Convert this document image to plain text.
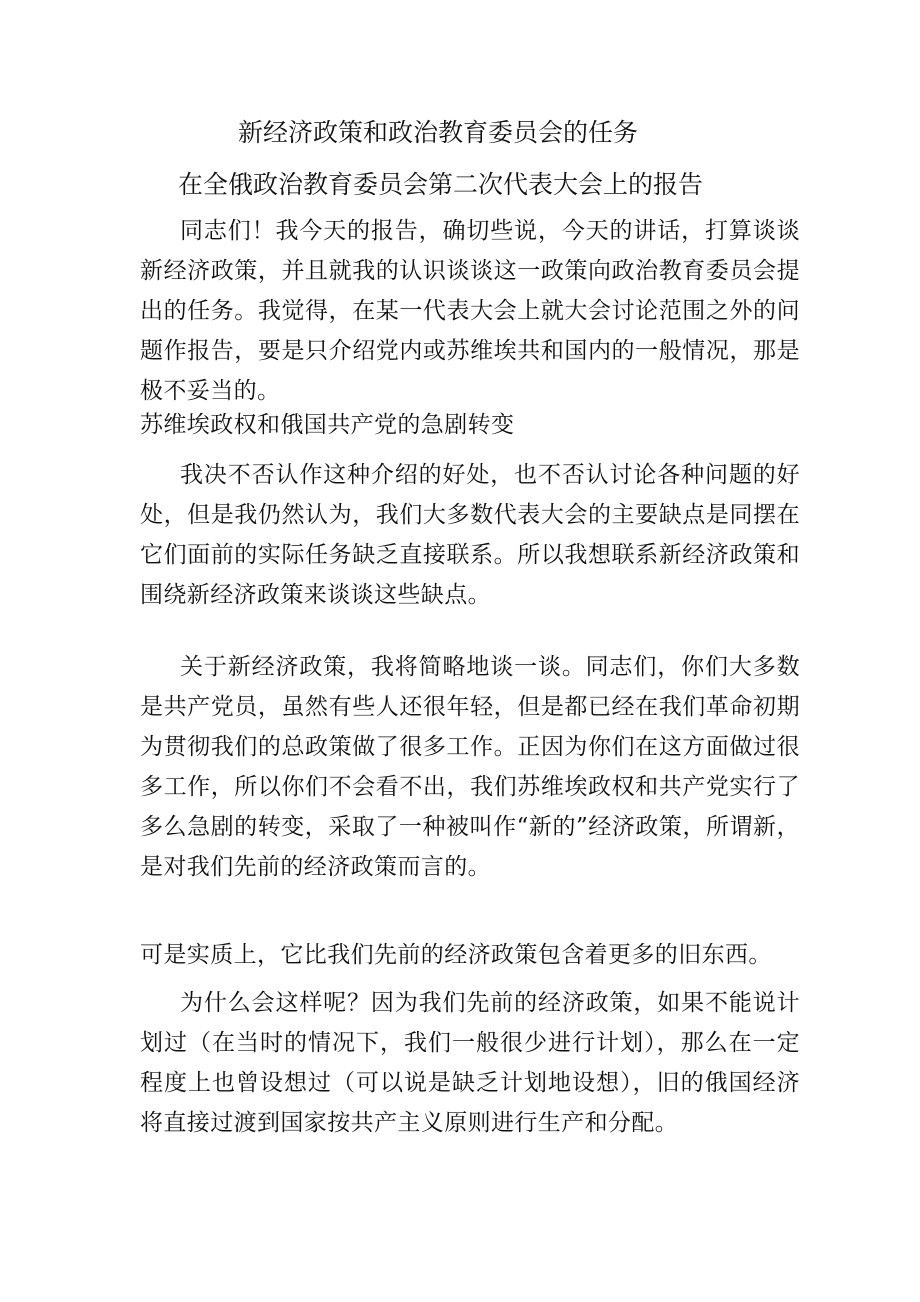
新经济政策和政治教育委员会的任务
在全俄政治教育委员会第二次代表大会上的报告

同志们！我今天的报告，确切些说，今天的讲话，打算谈谈新经济政策，并且就我的认识谈谈这一政策向政治教育委员会提出的任务。我觉得，在某一代表大会上就大会讨论范围之外的问题作报告，要是只介绍党内或苏维埃共和国内的一般情况，那是极不妥当的。

苏维埃政权和俄国共产党的急剧转变

我决不否认作这种介绍的好处，也不否认讨论各种问题的好处，但是我仍然认为，我们大多数代表大会的主要缺点是同摆在它们面前的实际任务缺乏直接联系。所以我想联系新经济政策和围绕新经济政策来谈谈这些缺点。

关于新经济政策，我将简略地谈一谈。同志们，你们大多数是共产党员，虽然有些人还很年轻，但是都已经在我们革命初期为贯彻我们的总政策做了很多工作。正因为你们在这方面做过很多工作，所以你们不会看不出，我们苏维埃政权和共产党实行了多么急剧的转变，采取了一种被叫作“新的”经济政策，所谓新，是对我们先前的经济政策而言的。

可是实质上，它比我们先前的经济政策包含着更多的旧东西。

为什么会这样呢？因为我们先前的经济政策，如果不能说计划过（在当时的情况下，我们一般很少进行计划），那么在一定程度上也曾设想过（可以说是缺乏计划地设想），旧的俄国经济将直接过渡到国家按共产主义原则进行生产和分配。
